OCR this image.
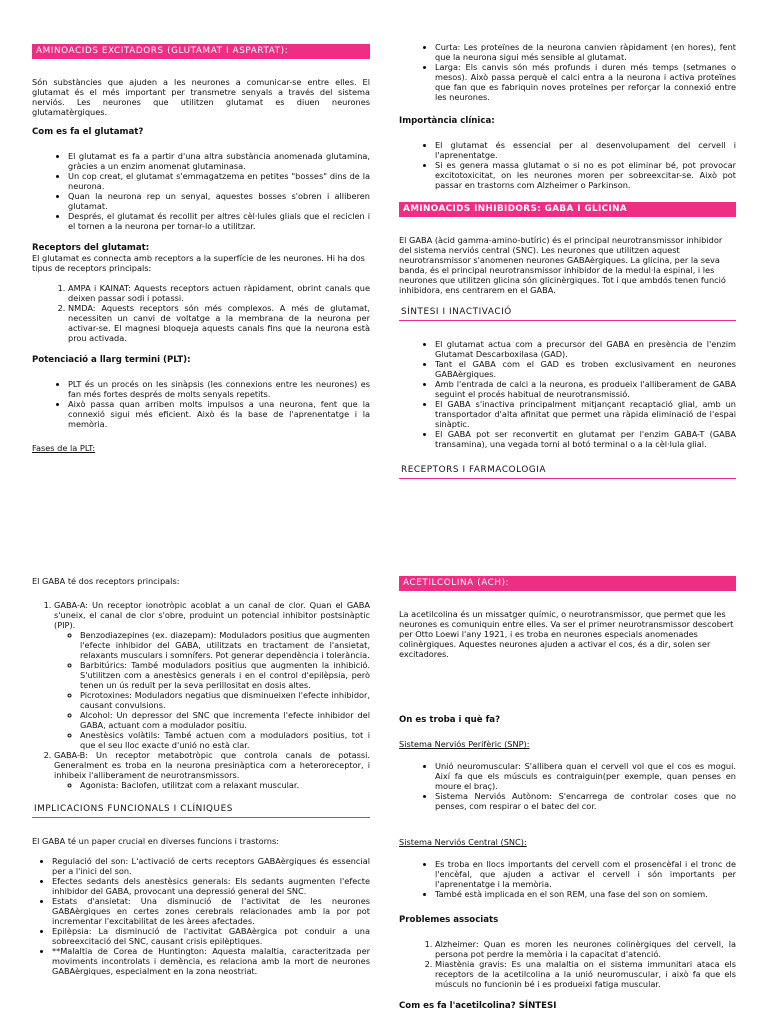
AMINOACIDS EXCITADORS (GLUTAMAT I ASPARTAT):

Són substàncies que ajuden a les neurones a comunicar-se entre elles. El glutamat és el més important per transmetre senyals a través del sistema nerviós. Les neurones que utilitzen glutamat es diuen neurones glutamatèrgiques.

Com es fa el glutamat?
• El glutamat es fa a partir d'una altra substància anomenada glutamina, gràcies a un enzim anomenat glutaminasa.
• Un cop creat, el glutamat s'emmagatzema en petites "bosses" dins de la neurona.
• Quan la neurona rep un senyal, aquestes bosses s'obren i alliberen glutamat.
• Després, el glutamat és recollit per altres cèl·lules glials que el reciclen i el tornen a la neurona per tornar-lo a utilitzar.
Receptors del glutamat:

El glutamat es connecta amb receptors a la superfície de les neurones. Hi ha dos tipus de receptors principals:

1. AMPA i KAINAT: Aquests receptors actuen ràpidament, obrint canals que deixen passar sodi i potassi.
2. NMDA: Aquests receptors són més complexos. A més de glutamat, necessiten un canvi de voltatge a la membrana de la neurona per activar-se. El magnesi bloqueja aquests canals fins que la neurona està prou activada.
Potenciació a llarg termini (PLT):
• PLT és un procés on les sinàpsis (les connexions entre les neurones) es fan més fortes després de molts senyals repetits.
• Això passa quan arriben molts impulsos a una neurona, fent que la connexió sigui més eficient. Això és la base de l'aprenentatge i la memòria.
Fases de la PLT:
• Curta: Les proteïnes de la neurona canvien ràpidament (en hores), fent que la neurona sigui més sensible al glutamat.
• Larga: Els canvis són més profunds i duren més temps (setmanes o mesos). Això passa perquè el calci entra a la neurona i activa proteïnes que fan que es fabriquin noves proteïnes per reforçar la connexió entre les neurones.
Importància clínica:
• El glutamat és essencial per al desenvolupament del cervell i l'aprenentatge.
• Si es genera massa glutamat o si no es pot eliminar bé, pot provocar excitotoxicitat, on les neurones moren per sobreexcitar-se. Això pot passar en trastorns com Alzheimer o Parkinson.
AMINOACIDS INHIBIDORS: GABA I GLICINA

El GABA (àcid gamma-amino-butíric) és el principal neurotransmissor inhibidor del sistema nerviós central (SNC). Les neurones que utilitzen aquest neurotransmissor s'anomenen neurones GABAèrgiques. La glicina, per la seva banda, és el principal neurotransmissor inhibidor de la medul·la espinal, i les neurones que utilitzen glicina són glicinèrgiques. Tot i que ambdós tenen funció inhibidora, ens centrarem en el GABA.

SÍNTESI I INACTIVACIÓ
• El glutamat actua com a precursor del GABA en presència de l'enzim Glutamat Descarboxilasa (GAD).
• Tant el GABA com el GAD es troben exclusivament en neurones GABAèrgiques.
• Amb l'entrada de calci a la neurona, es produeix l'alliberament de GABA seguint el procés habitual de neurotransmissió.
• El GABA s'inactiva principalment mitjançant recaptació glial, amb un transportador d'alta afinitat que permet una ràpida eliminació de l'espai sinàptic.
• El GABA pot ser reconvertit en glutamat per l'enzim GABA-T (GABA transamina), una vegada torni al botó terminal o a la cèl·lula glial.
RECEPTORS I FARMACOLOGIA

El GABA té dos receptors principals:

1. GABA-A: Un receptor ionotròpic acoblat a un canal de clor. Quan el GABA s'uneix, el canal de clor s'obre, produint un potencial inhibitor postsinàptic (PIP).
◦ Benzodiazepines (ex. diazepam): Moduladors positius que augmenten l'efecte inhibidor del GABA, utilitzats en tractament de l'ansietat, relaxants musculars i somnífers. Pot generar dependència i tolerància.
◦ Barbitúrics: També moduladors positius que augmenten la inhibició. S'utilitzen com a anestèsics generals i en el control d'epilèpsia, però tenen un ús reduït per la seva perillositat en dosis altes.
◦ Picrotoxines: Moduladors negatius que disminueixen l'efecte inhibidor, causant convulsions.
◦ Alcohol: Un depressor del SNC que incrementa l'efecte inhibidor del GABA, actuant com a modulador positiu.
◦ Anestèsics volàtils: També actuen com a moduladors positius, tot i que el seu lloc exacte d'unió no està clar.
2. GABA-B: Un receptor metabotròpic que controla canals de potassi. Generalment es troba en la neurona presinàptica com a heteroreceptor, i inhibeix l'alliberament de neurotransmissors.
◦ Agonista: Baclofen, utilitzat com a relaxant muscular.
IMPLICACIONS FUNCIONALS I CLÍNIQUES

El GABA té un paper crucial en diverses funcions i trastorns:

• Regulació del son: L'activació de certs receptors GABAèrgiques és essencial per a l'inici del son.
• Efectes sedants dels anestèsics generals: Els sedants augmenten l'efecte inhibidor del GABA, provocant una depressió general del SNC.
• Estats d'ansietat: Una disminució de l'activitat de les neurones GABAèrgiques en certes zones cerebrals relacionades amb la por pot incrementar l'excitabilitat de les àrees afectades.
• Epilèpsia: La disminució de l'activitat GABAèrgica pot conduir a una sobreexcitació del SNC, causant crisis epilèptiques.
• **Malaltia de Corea de Huntington: Aquesta malaltia, caracteritzada per moviments incontrolats i demència, es relaciona amb la mort de neurones GABAèrgiques, especialment en la zona neostriat.
ACETILCOLINA (ACH):

La acetilcolina és un missatger químic, o neurotransmissor, que permet que les neurones es comuniquin entre elles. Va ser el primer neurotransmissor descobert per Otto Loewi l'any 1921, i es troba en neurones especials anomenades colinèrgiques. Aquestes neurones ajuden a activar el cos, és a dir, solen ser excitadores.

On es troba i què fa?
Sistema Nerviós Perifèric (SNP):
• Unió neuromuscular: S'allibera quan el cervell vol que el cos es mogui. Així fa que els músculs es contraiguin(per exemple, quan penses en moure el braç).
• Sistema Nerviós Autònom: S'encarrega de controlar coses que no penses, com respirar o el batec del cor.
Sistema Nerviós Central (SNC):
• Es troba en llocs importants del cervell com el prosencèfal i el tronc de l'encèfal, que ajuden a activar el cervell i són importants per l'aprenentatge i la memòria.
• També està implicada en el son REM, una fase del son on somiem.
Problemes associats
1. Alzheimer: Quan es moren les neurones colinèrgiques del cervell, la persona pot perdre la memòria i la capacitat d'atenció.
2. Miastènia gravis: Es una malaltia on el sistema immunitari ataca els receptors de la acetilcolina a la unió neuromuscular, i això fa que els músculs no funcionin bé i es produeixi fatiga muscular.
Com es fa l'acetilcolina? SÍNTESI
